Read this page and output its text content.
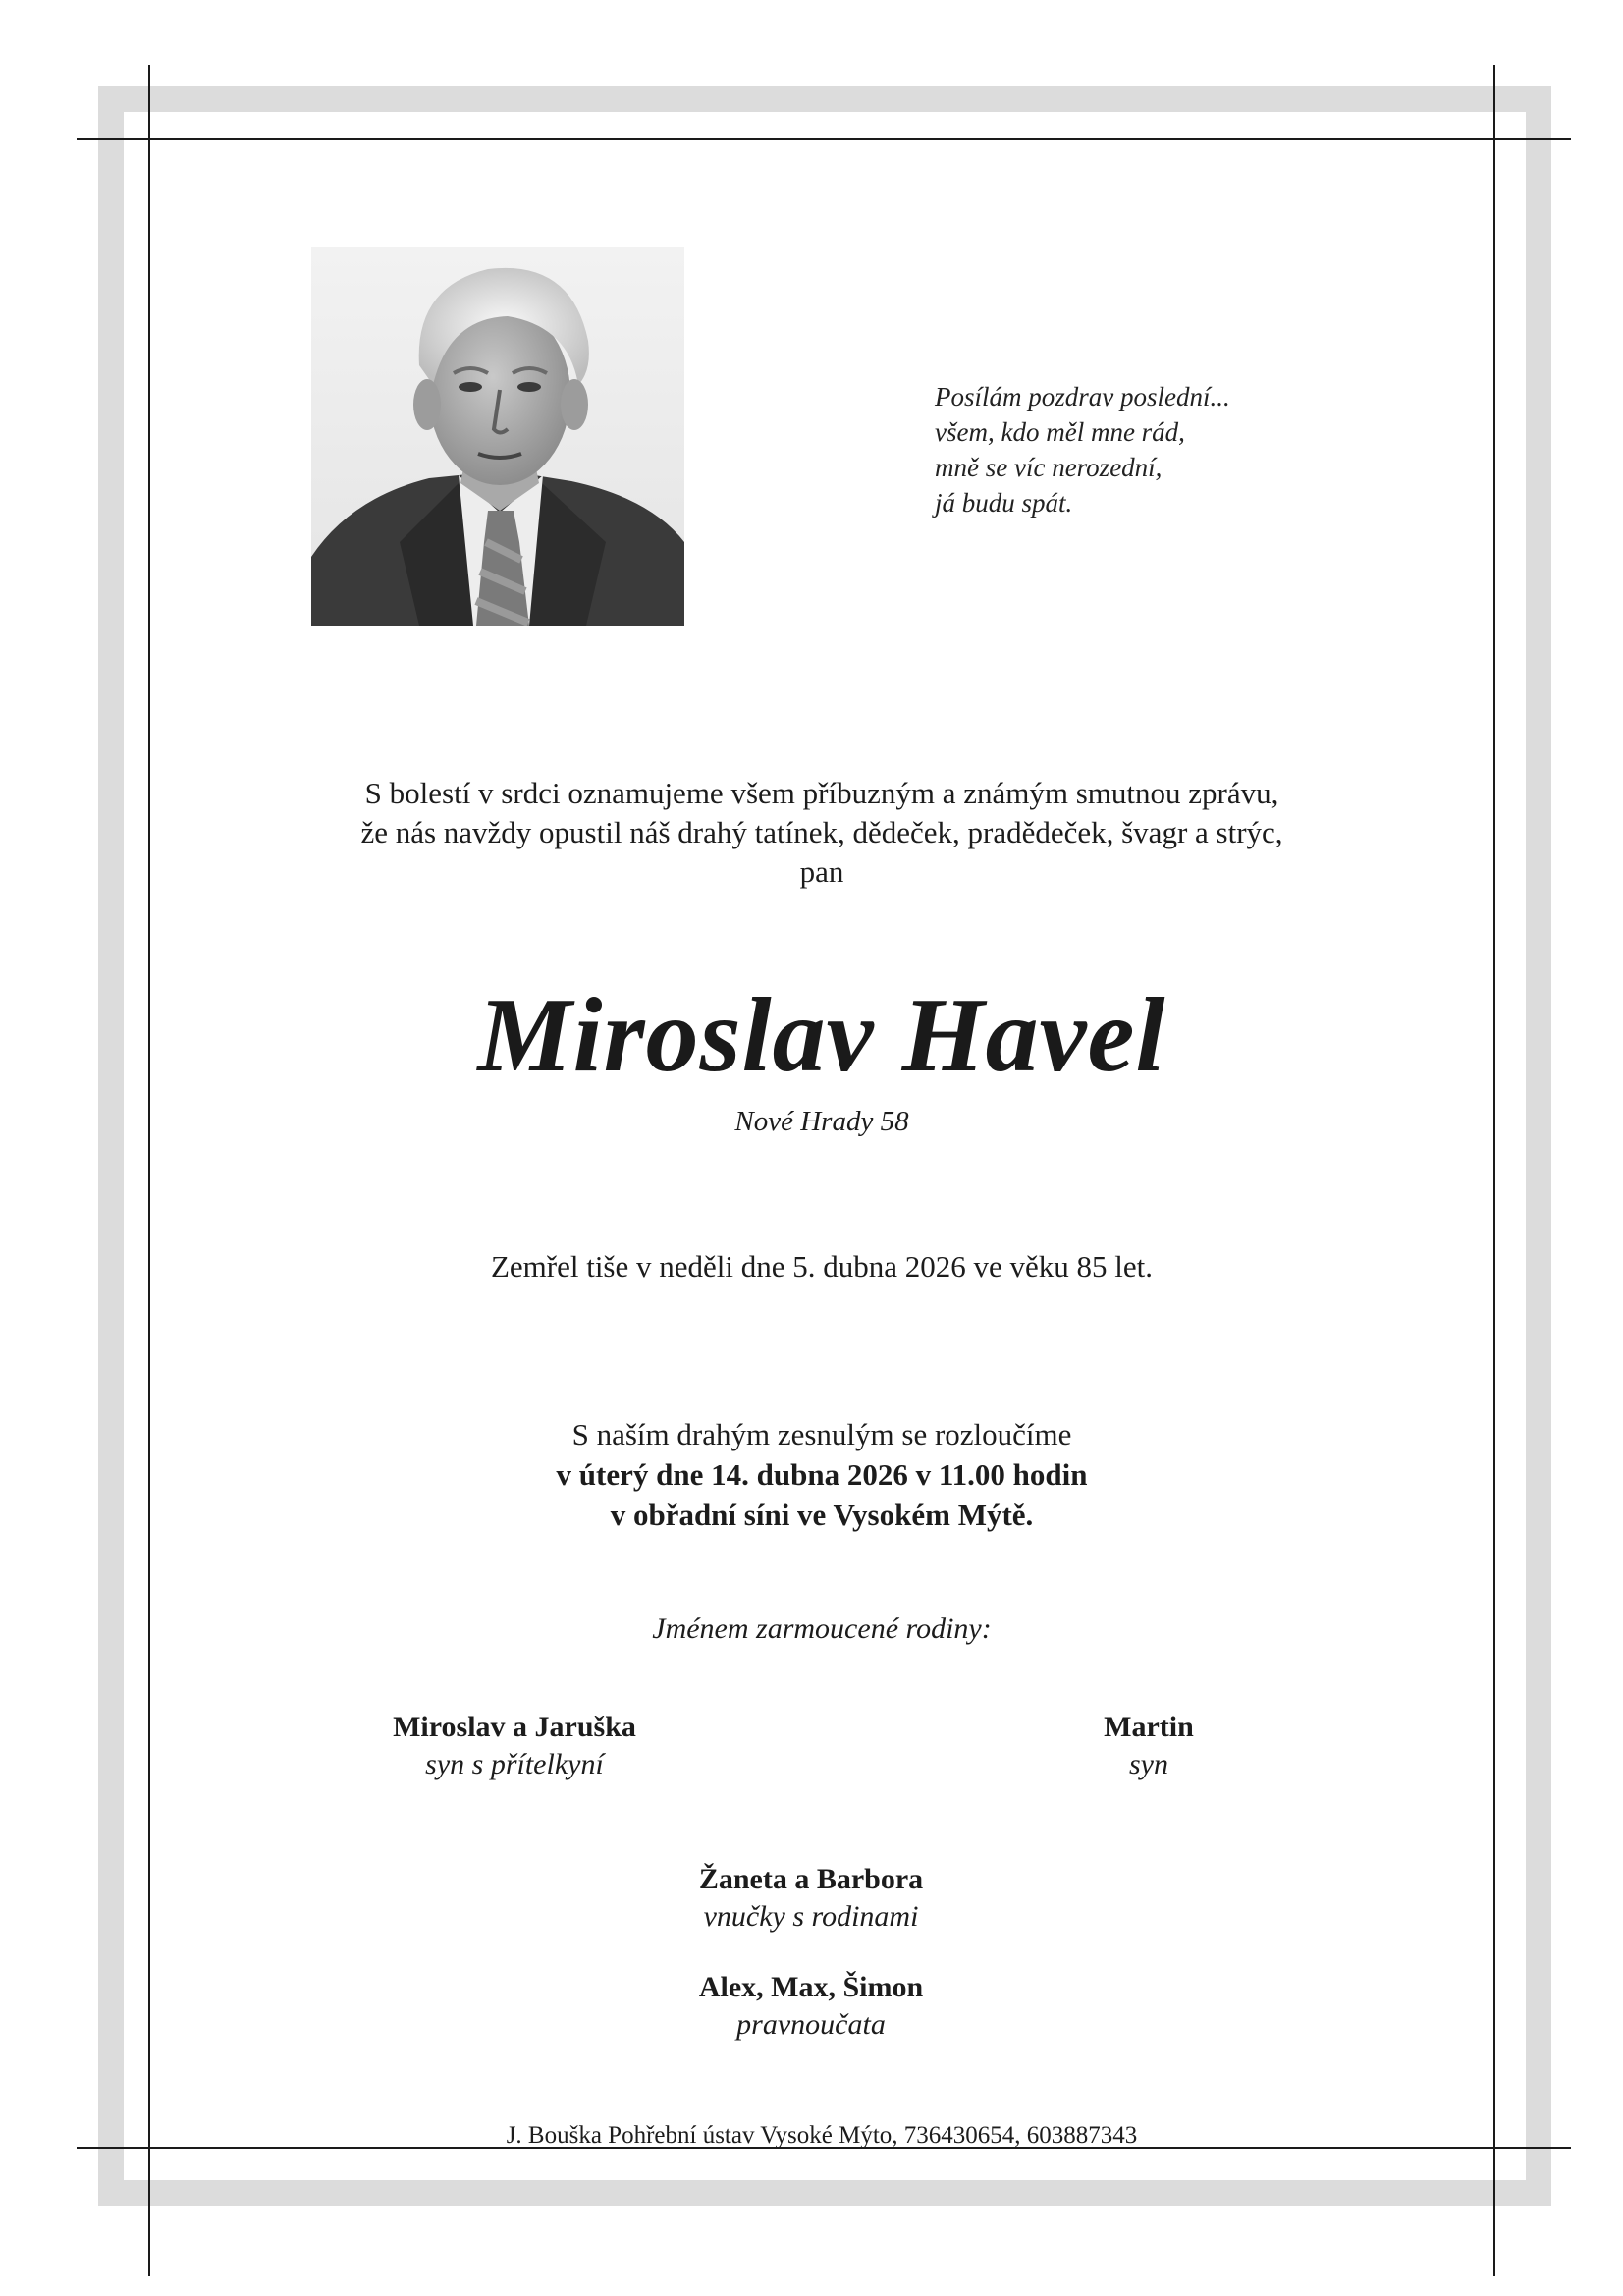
Posílám pozdrav poslední...
všem, kdo měl mne rád,
mně se víc nerozední,
já budu spát.
S bolestí v srdci oznamujeme všem příbuzným a známým smutnou zprávu,
že nás navždy opustil náš drahý tatínek, dědeček, pradědeček, švagr a strýc,
pan
Miroslav Havel
Nové Hrady 58
Zemřel tiše v neděli dne 5. dubna 2026 ve věku 85 let.
S naším drahým zesnulým se rozloučíme
v úterý dne 14. dubna 2026 v 11.00 hodin
v obřadní síni ve Vysokém Mýtě.
Jménem zarmoucené rodiny:
Miroslav a Jaruška
syn s přítelkyní
Martin
syn
Žaneta a Barbora
vnučky s rodinami
Alex, Max, Šimon
pravnoučata
J. Bouška Pohřební ústav Vysoké Mýto, 736430654, 603887343
